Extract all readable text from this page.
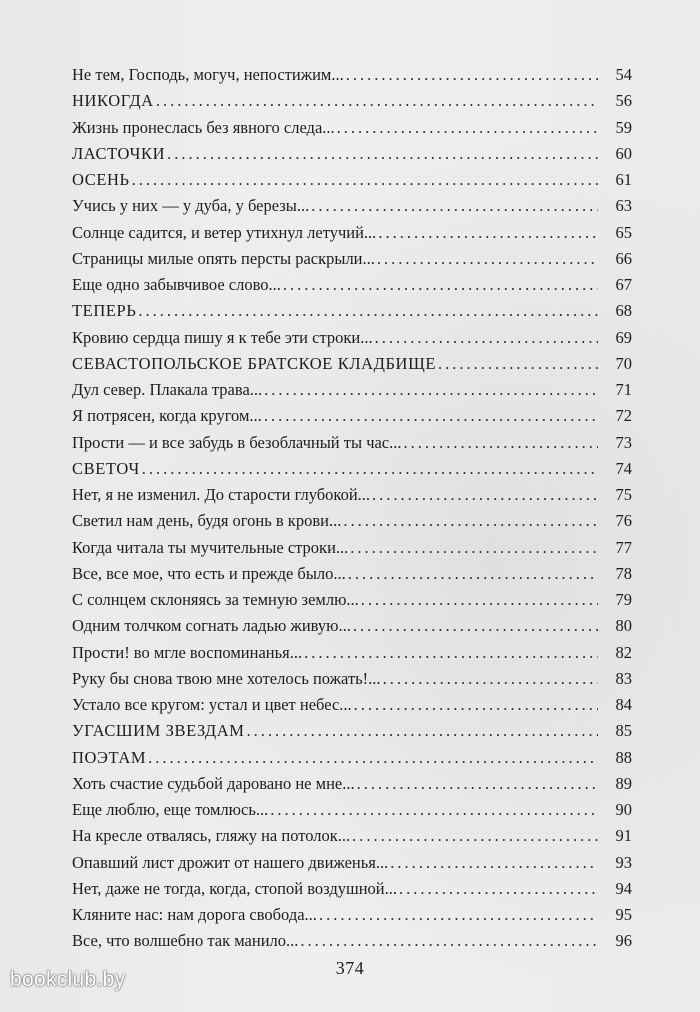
Не тем, Господь, могуч, непостижим... .....	54
НИКОГДА .....	56
Жизнь пронеслась без явного следа... .....	59
ЛАСТОЧКИ .....	60
ОСЕНЬ .....	61
Учись у них — у дуба, у березы... .....	63
Солнце садится, и ветер утихнул летучий... .....	65
Страницы милые опять персты раскрыли... .....	66
Еще одно забывчивое слово... .....	67
ТЕПЕРЬ .....	68
Кровию сердца пишу я к тебе эти строки... .....	69
СЕВАСТОПОЛЬСКОЕ БРАТСКОЕ КЛАДБИЩЕ .....	70
Дул север. Плакала трава... .....	71
Я потрясен, когда кругом... .....	72
Прости — и все забудь в безоблачный ты час... .....	73
СВЕТОЧ .....	74
Нет, я не изменил. До старости глубокой... .....	75
Светил нам день, будя огонь в крови... .....	76
Когда читала ты мучительные строки... .....	77
Все, все мое, что есть и прежде было... .....	78
С солнцем склоняясь за темную землю... .....	79
Одним толчком согнать ладью живую... .....	80
Прости! во мгле воспоминанья... .....	82
Руку бы снова твою мне хотелось пожать!... .....	83
Устало все кругом: устал и цвет небес... .....	84
УГАСШИМ ЗВЕЗДАМ .....	85
ПОЭТАМ .....	88
Хоть счастие судьбой даровано не мне... .....	89
Еще люблю, еще томлюсь... .....	90
На кресле отвалясь, гляжу на потолок... .....	91
Опавший лист дрожит от нашего движенья... .....	93
Нет, даже не тогда, когда, стопой воздушной... .....	94
Кляните нас: нам дорога свобода... .....	95
Все, что волшебно так манило... .....	96
374
bookclub.by
